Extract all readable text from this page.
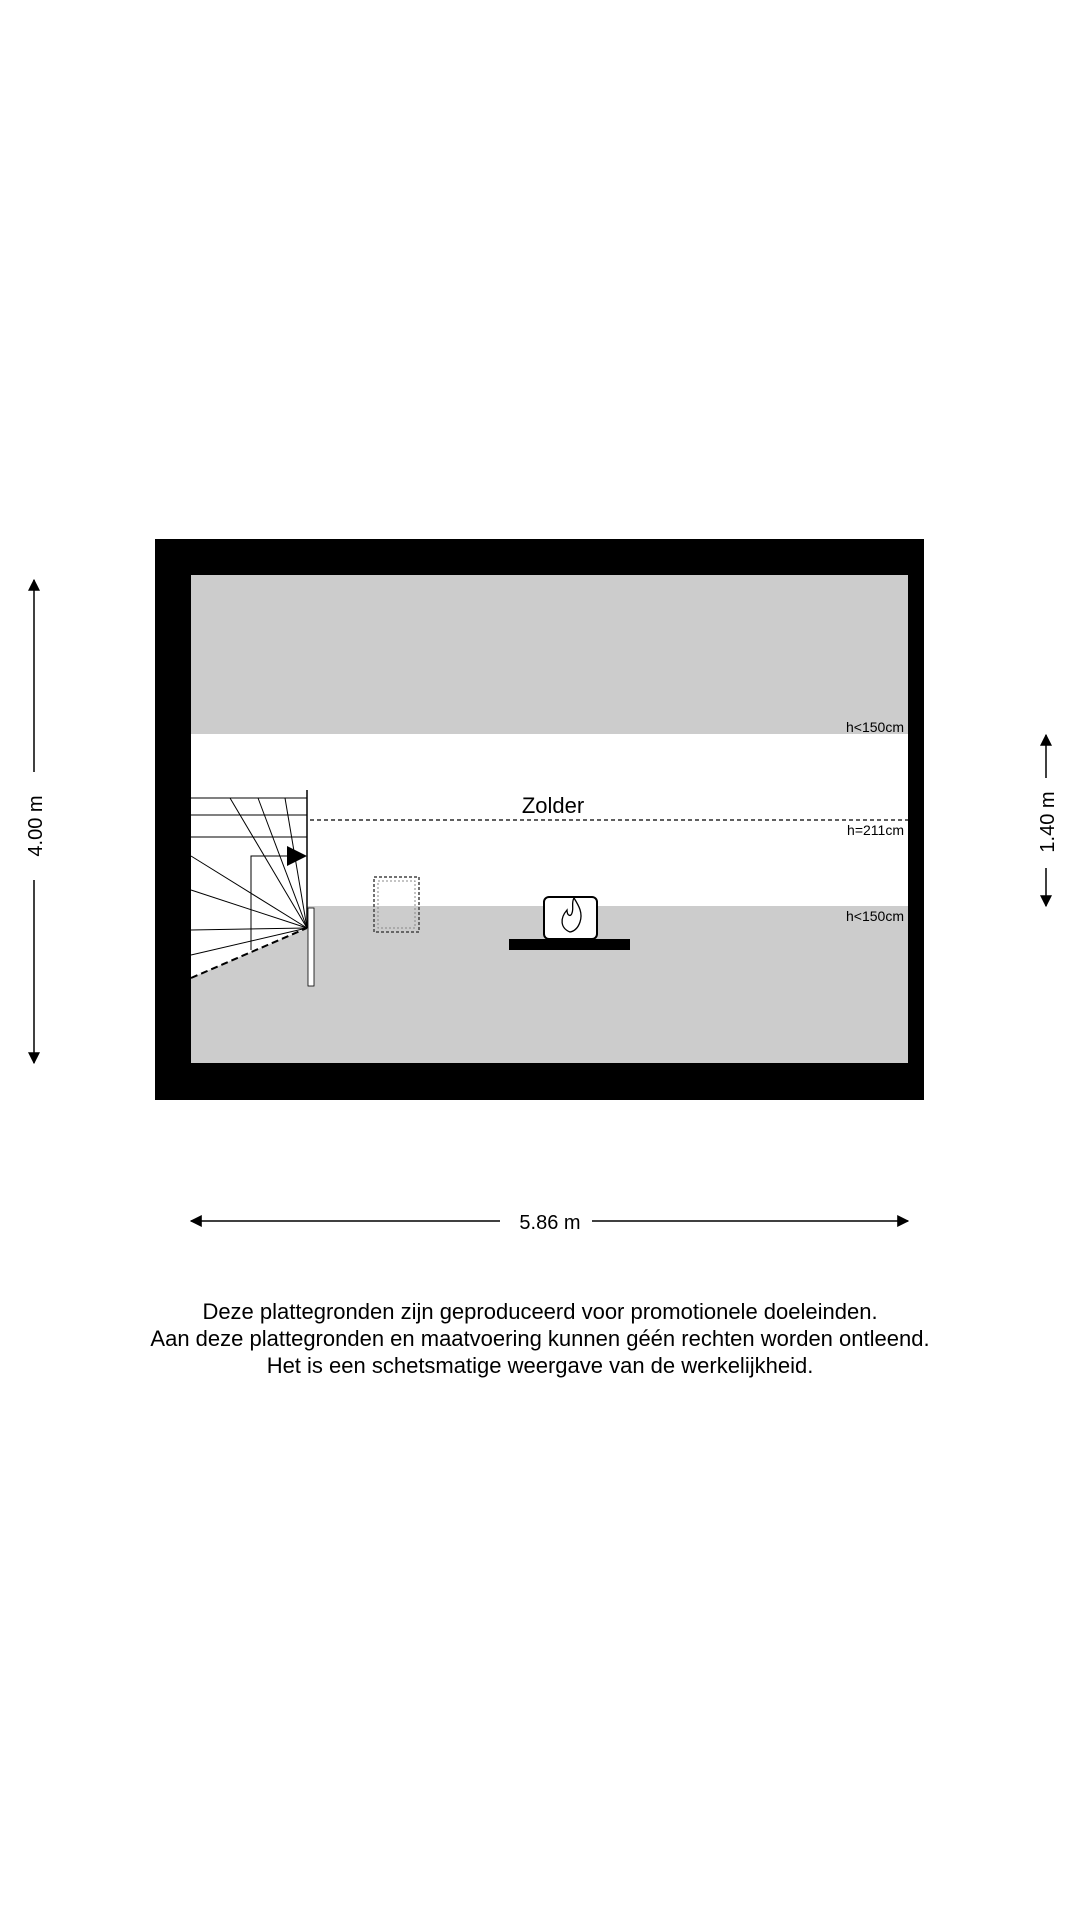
Zolder
h<150cm
h=211cm
h<150cm
4.00 m	1.40 m
5.86 m
Deze plattegronden zijn geproduceerd voor promotionele doeleinden.
Aan deze plattegronden en maatvoering kunnen géén rechten worden ontleend.
Het is een schetsmatige weergave van de werkelijkheid.
